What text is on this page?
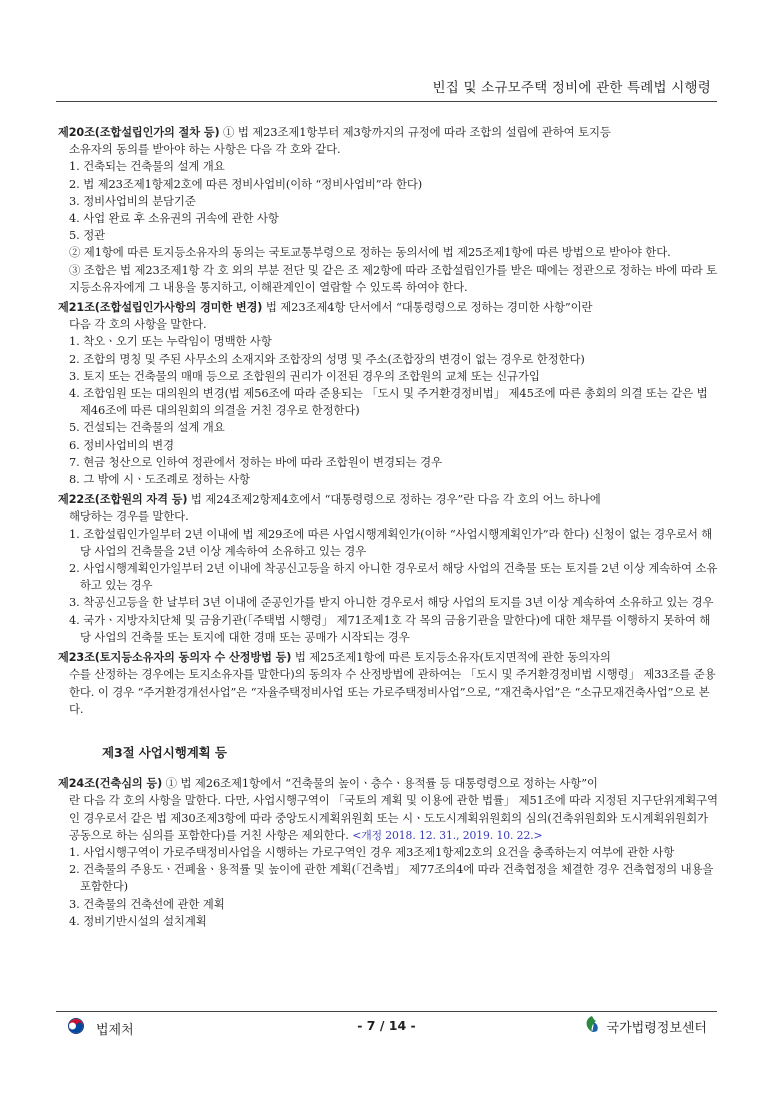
빈집 및 소규모주택 정비에 관한 특례법 시행령
제20조(조합설립인가의 절차 등) ① 법 제23조제1항부터 제3항까지의 규정에 따라 조합의 설립에 관하여 토지등
소유자의 동의를 받아야 하는 사항은 다음 각 호와 같다.
1. 건축되는 건축물의 설계 개요
2. 법 제23조제1항제2호에 따른 정비사업비(이하 “정비사업비”라 한다)
3. 정비사업비의 분담기준
4. 사업 완료 후 소유권의 귀속에 관한 사항
5. 정관
② 제1항에 따른 토지등소유자의 동의는 국토교통부령으로 정하는 동의서에 법 제25조제1항에 따른 방법으로 받아야 한다.
③ 조합은 법 제23조제1항 각 호 외의 부분 전단 및 같은 조 제2항에 따라 조합설립인가를 받은 때에는 정관으로 정하는 바에 따라 토지등소유자에게 그 내용을 통지하고, 이해관계인이 열람할 수 있도록 하여야 한다.
제21조(조합설립인가사항의 경미한 변경) 법 제23조제4항 단서에서 “대통령령으로 정하는 경미한 사항”이란
다음 각 호의 사항을 말한다.
1. 착오ㆍ오기 또는 누락임이 명백한 사항
2. 조합의 명칭 및 주된 사무소의 소재지와 조합장의 성명 및 주소(조합장의 변경이 없는 경우로 한정한다)
3. 토지 또는 건축물의 매매 등으로 조합원의 권리가 이전된 경우의 조합원의 교체 또는 신규가입
4. 조합임원 또는 대의원의 변경(법 제56조에 따라 준용되는 「도시 및 주거환경정비법」 제45조에 따른 총회의 의결 또는 같은 법 제46조에 따른 대의원회의 의결을 거친 경우로 한정한다)
5. 건설되는 건축물의 설계 개요
6. 정비사업비의 변경
7. 현금 청산으로 인하여 정관에서 정하는 바에 따라 조합원이 변경되는 경우
8. 그 밖에 시ㆍ도조례로 정하는 사항
제22조(조합원의 자격 등) 법 제24조제2항제4호에서 “대통령령으로 정하는 경우”란 다음 각 호의 어느 하나에
해당하는 경우를 말한다.
1. 조합설립인가일부터 2년 이내에 법 제29조에 따른 사업시행계획인가(이하 “사업시행계획인가”라 한다) 신청이 없는 경우로서 해당 사업의 건축물을 2년 이상 계속하여 소유하고 있는 경우
2. 사업시행계획인가일부터 2년 이내에 착공신고등을 하지 아니한 경우로서 해당 사업의 건축물 또는 토지를 2년 이상 계속하여 소유하고 있는 경우
3. 착공신고등을 한 날부터 3년 이내에 준공인가를 받지 아니한 경우로서 해당 사업의 토지를 3년 이상 계속하여 소유하고 있는 경우
4. 국가ㆍ지방자치단체 및 금융기관(「주택법 시행령」 제71조제1호 각 목의 금융기관을 말한다)에 대한 채무를 이행하지 못하여 해당 사업의 건축물 또는 토지에 대한 경매 또는 공매가 시작되는 경우
제23조(토지등소유자의 동의자 수 산정방법 등) 법 제25조제1항에 따른 토지등소유자(토지면적에 관한 동의자의
수를 산정하는 경우에는 토지소유자를 말한다)의 동의자 수 산정방법에 관하여는 「도시 및 주거환경정비법 시행령」 제33조를 준용한다. 이 경우 “주거환경개선사업”은 “자율주택정비사업 또는 가로주택정비사업”으로, “재건축사업”은 “소규모재건축사업”으로 본다.
제3절 사업시행계획 등
제24조(건축심의 등) ① 법 제26조제1항에서 “건축물의 높이ㆍ층수ㆍ용적률 등 대통령령으로 정하는 사항”이
란 다음 각 호의 사항을 말한다. 다만, 사업시행구역이 「국토의 계획 및 이용에 관한 법률」 제51조에 따라 지정된 지구단위계획구역인 경우로서 같은 법 제30조제3항에 따라 중앙도시계획위원회 또는 시ㆍ도도시계획위원회의 심의(건축위원회와 도시계획위원회가 공동으로 하는 심의를 포함한다)를 거친 사항은 제외한다. <개정 2018. 12. 31., 2019. 10. 22.>
1. 사업시행구역이 가로주택정비사업을 시행하는 가로구역인 경우 제3조제1항제2호의 요건을 충족하는지 여부에 관한 사항
2. 건축물의 주용도ㆍ건폐율ㆍ용적률 및 높이에 관한 계획(「건축법」 제77조의4에 따라 건축협정을 체결한 경우 건축협정의 내용을 포함한다)
3. 건축물의 건축선에 관한 계획
4. 정비기반시설의 설치계획
법제처	- 7 / 14 -	국가법령정보센터
